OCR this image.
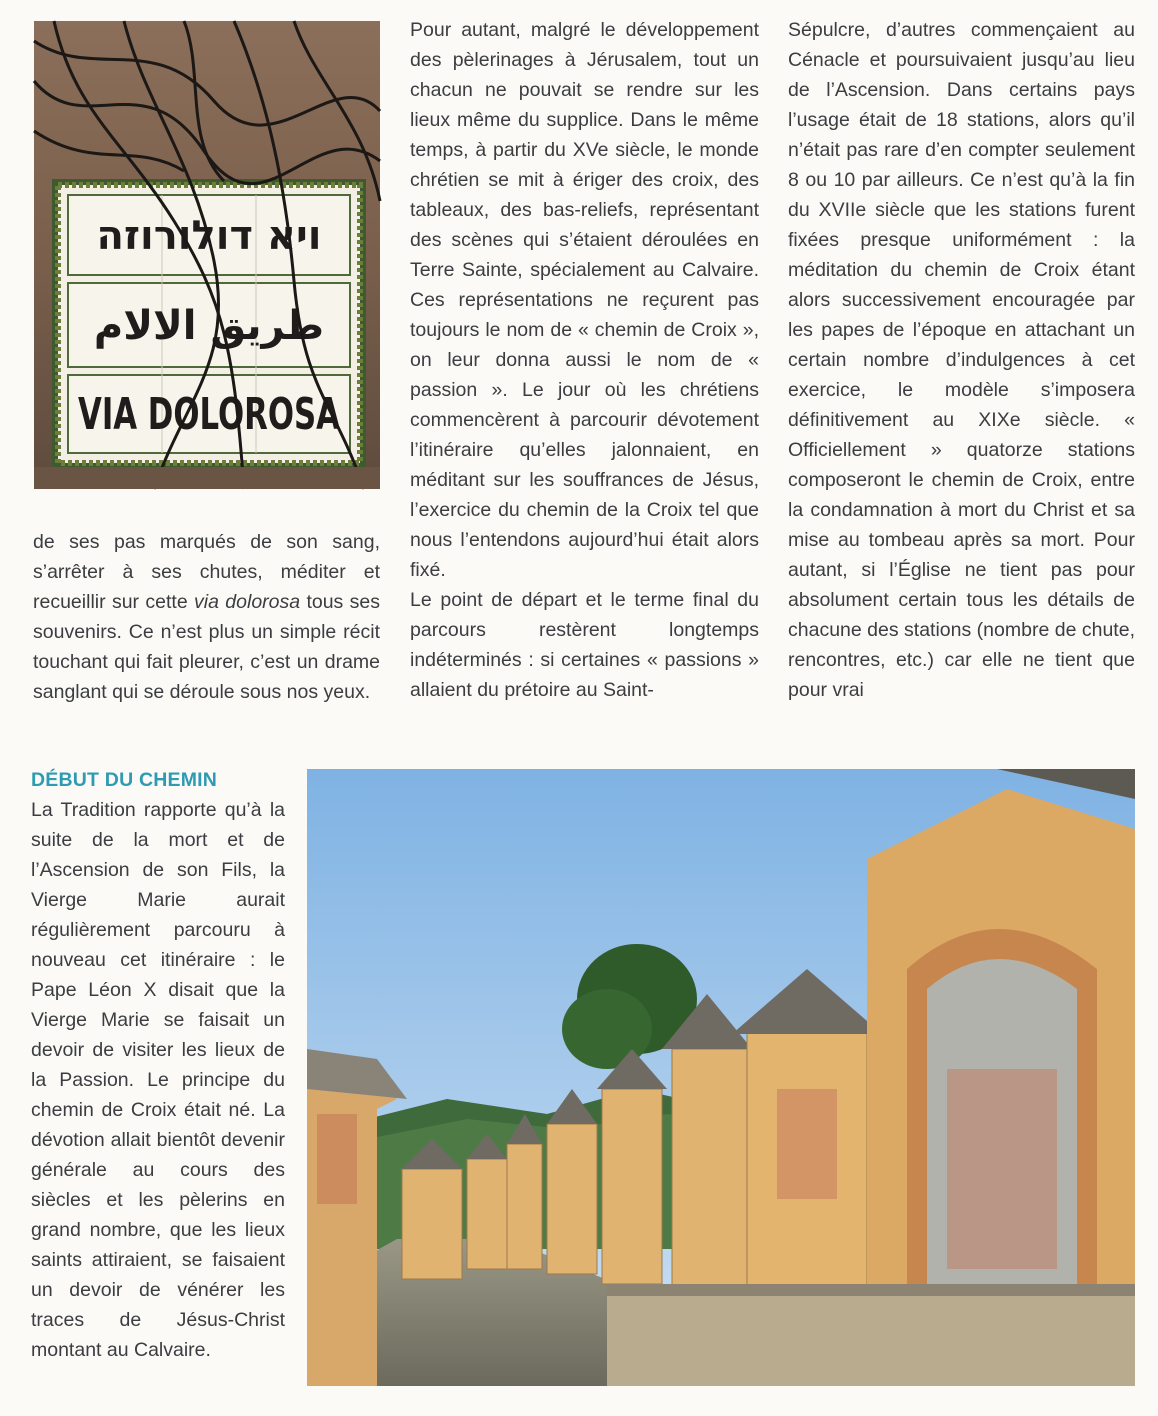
ויא דולורוזה
طريق الالام
VIA DOLOROSA

de ses pas marqués de son sang, s’arrêter à ses chutes, méditer et recueillir sur cette via dolorosa tous ses souvenirs. Ce n’est plus un simple récit touchant qui fait pleurer, c’est un drame sanglant qui se déroule sous nos yeux.

Pour autant, malgré le développement des pèlerinages à Jérusalem, tout un chacun ne pouvait se rendre sur les lieux même du supplice. Dans le même temps, à partir du XVe siècle, le monde chrétien se mit à ériger des croix, des tableaux, des bas-reliefs, représentant des scènes qui s’étaient déroulées en Terre Sainte, spécialement au Calvaire. Ces représentations ne reçurent pas toujours le nom de « chemin de Croix », on leur donna aussi le nom de « passion ». Le jour où les chrétiens commencèrent à parcourir dévotement l’itinéraire qu’elles jalonnaient, en méditant sur les souffrances de Jésus, l’exercice du chemin de la Croix tel que nous l’entendons aujourd’hui était alors fixé.

Le point de départ et le terme final du parcours restèrent longtemps indéterminés : si certaines « passions » allaient du prétoire au Saint-

Sépulcre, d’autres commençaient au Cénacle et poursuivaient jusqu’au lieu de l’Ascension. Dans certains pays l’usage était de 18 stations, alors qu’il n’était pas rare d’en compter seulement 8 ou 10 par ailleurs. Ce n’est qu’à la fin du XVIIe siècle que les stations furent fixées presque uniformément : la méditation du chemin de Croix étant alors successivement encouragée par les papes de l’époque en attachant un certain nombre d’indulgences à cet exercice, le modèle s’imposera définitivement au XIXe siècle. « Officiellement » quatorze stations composeront le chemin de Croix, entre la condamnation à mort du Christ et sa mise au tombeau après sa mort. Pour autant, si l’Église ne tient pas pour absolument certain tous les détails de chacune des stations (nombre de chute, rencontres, etc.) car elle ne tient que pour vrai

DÉBUT DU CHEMIN

La Tradition rapporte qu’à la suite de la mort et de l’Ascension de son Fils, la Vierge Marie aurait régulièrement parcouru à nouveau cet itinéraire : le Pape Léon X disait que la Vierge Marie se faisait un devoir de visiter les lieux de la Passion. Le principe du chemin de Croix était né. La dévotion allait bientôt devenir générale au cours des siècles et les pèlerins en grand nombre, que les lieux saints attiraient, se faisaient un devoir de vénérer les traces de Jésus-Christ montant au Calvaire.
